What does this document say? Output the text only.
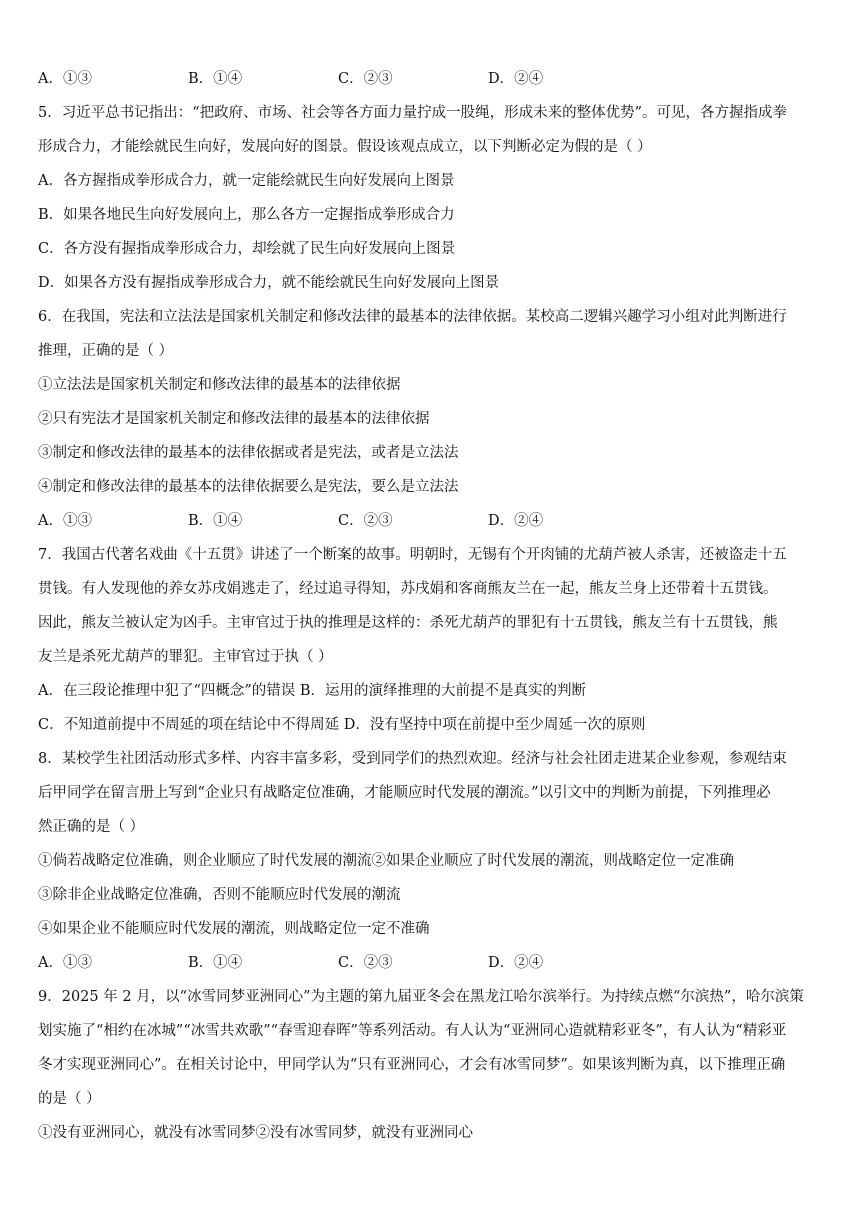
A．①③	B．①④	C．②③	D．②④
5．习近平总书记指出：“把政府、市场、社会等各方面力量拧成一股绳，形成未来的整体优势”。可见，各方握指成拳
形成合力，才能绘就民生向好，发展向好的图景。假设该观点成立，以下判断必定为假的是（ ）
A．各方握指成拳形成合力，就一定能绘就民生向好发展向上图景
B．如果各地民生向好发展向上，那么各方一定握指成拳形成合力
C．各方没有握指成拳形成合力，却绘就了民生向好发展向上图景
D．如果各方没有握指成拳形成合力，就不能绘就民生向好发展向上图景
6．在我国，宪法和立法法是国家机关制定和修改法律的最基本的法律依据。某校高二逻辑兴趣学习小组对此判断进行
推理，正确的是（ ）
①立法法是国家机关制定和修改法律的最基本的法律依据
②只有宪法才是国家机关制定和修改法律的最基本的法律依据
③制定和修改法律的最基本的法律依据或者是宪法，或者是立法法
④制定和修改法律的最基本的法律依据要么是宪法，要么是立法法
A．①③	B．①④	C．②③	D．②④
7．我国古代著名戏曲《十五贯》讲述了一个断案的故事。明朝时，无锡有个开肉铺的尤葫芦被人杀害，还被盗走十五
贯钱。有人发现他的养女苏戌娟逃走了，经过追寻得知，苏戌娟和客商熊友兰在一起，熊友兰身上还带着十五贯钱。
因此，熊友兰被认定为凶手。主审官过于执的推理是这样的：杀死尤葫芦的罪犯有十五贯钱，熊友兰有十五贯钱，熊
友兰是杀死尤葫芦的罪犯。主审官过于执（ ）
A．在三段论推理中犯了“四概念”的错误 B．运用的演绎推理的大前提不是真实的判断
C．不知道前提中不周延的项在结论中不得周延 D．没有坚持中项在前提中至少周延一次的原则
8．某校学生社团活动形式多样、内容丰富多彩，受到同学们的热烈欢迎。经济与社会社团走进某企业参观，参观结束
后甲同学在留言册上写到“企业只有战略定位准确，才能顺应时代发展的潮流。”以引文中的判断为前提，下列推理必
然正确的是（ ）
①倘若战略定位准确，则企业顺应了时代发展的潮流②如果企业顺应了时代发展的潮流，则战略定位一定准确
③除非企业战略定位准确，否则不能顺应时代发展的潮流
④如果企业不能顺应时代发展的潮流，则战略定位一定不准确
A．①③	B．①④	C．②③	D．②④
9．2025 年 2 月，以“冰雪同梦亚洲同心”为主题的第九届亚冬会在黑龙江哈尔滨举行。为持续点燃“尔滨热”，哈尔滨策
划实施了“相约在冰城”“冰雪共欢歌”“春雪迎春晖”等系列活动。有人认为“亚洲同心造就精彩亚冬”，有人认为“精彩亚
冬才实现亚洲同心”。在相关讨论中，甲同学认为“只有亚洲同心，才会有冰雪同梦”。如果该判断为真，以下推理正确
的是（ ）
①没有亚洲同心，就没有冰雪同梦②没有冰雪同梦，就没有亚洲同心
